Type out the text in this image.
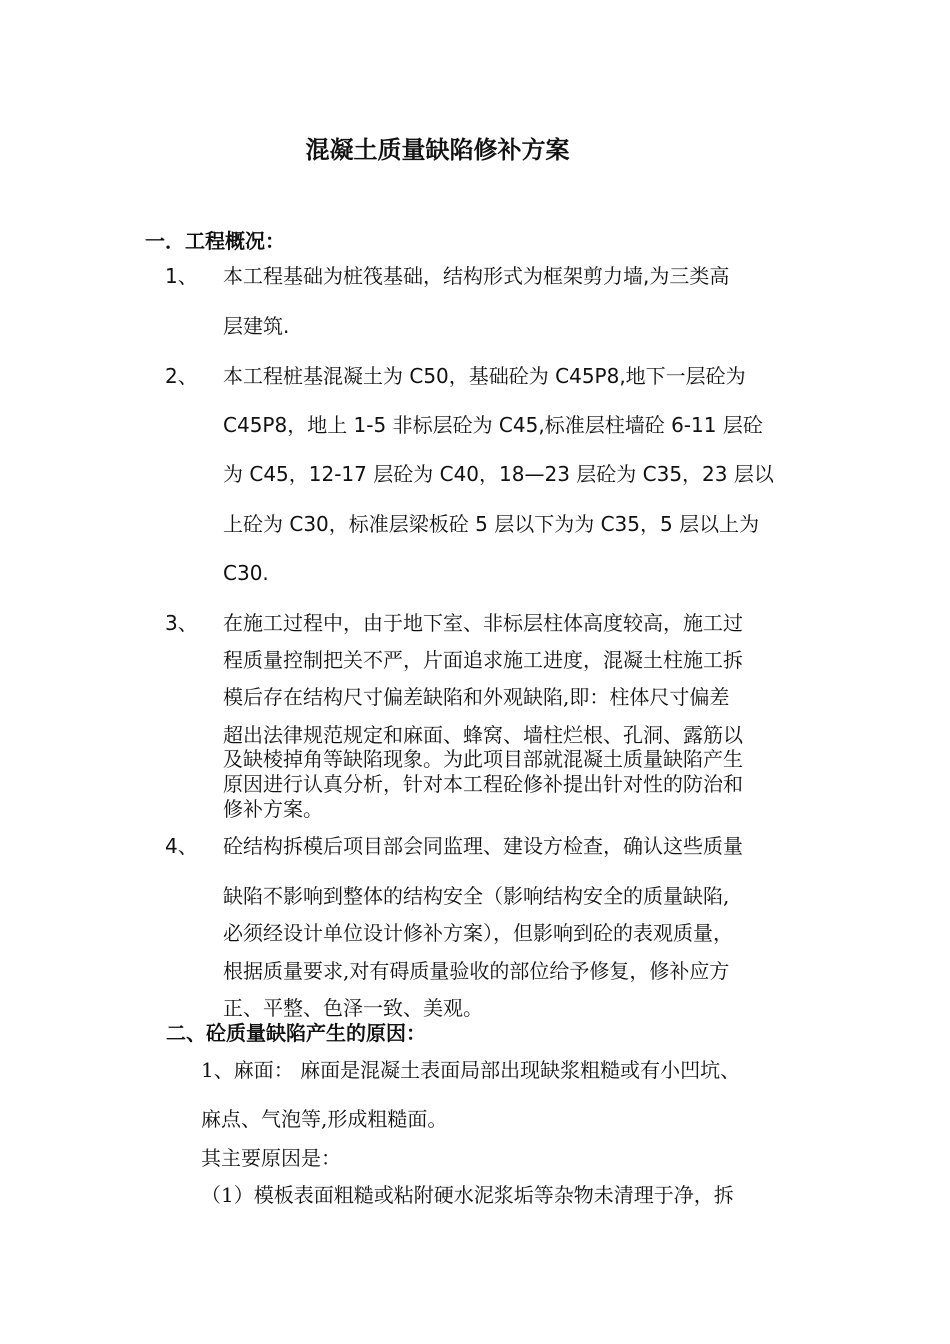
混凝土质量缺陷修补方案
一．工程概况：
1、 本工程基础为桩筏基础，结构形式为框架剪力墙,为三类高
层建筑.
2、 本工程桩基混凝土为 C50，基础砼为 C45P8,地下一层砼为
C45P8，地上 1-5 非标层砼为 C45,标准层柱墙砼 6-11 层砼
为 C45，12-17 层砼为 C40，18—23 层砼为 C35，23 层以
上砼为 C30，标准层梁板砼 5 层以下为为 C35，5 层以上为
C30.
3、 在施工过程中，由于地下室、非标层柱体高度较高，施工过
程质量控制把关不严，片面追求施工进度，混凝土柱施工拆
模后存在结构尺寸偏差缺陷和外观缺陷,即：柱体尺寸偏差
超出法律规范规定和麻面、蜂窝、墙柱烂根、孔洞、露筋以
及缺棱掉角等缺陷现象。为此项目部就混凝土质量缺陷产生
原因进行认真分析，针对本工程砼修补提出针对性的防治和
修补方案。
4、 砼结构拆模后项目部会同监理、建设方检查，确认这些质量
缺陷不影响到整体的结构安全（影响结构安全的质量缺陷,
必须经设计单位设计修补方案），但影响到砼的表观质量，
根据质量要求,对有碍质量验收的部位给予修复，修补应方
正、平整、色泽一致、美观。
二、砼质量缺陷产生的原因：
1、麻面： 麻面是混凝土表面局部出现缺浆粗糙或有小凹坑、
麻点、气泡等,形成粗糙面。
其主要原因是：
（1）模板表面粗糙或粘附硬水泥浆垢等杂物未清理于净，拆
